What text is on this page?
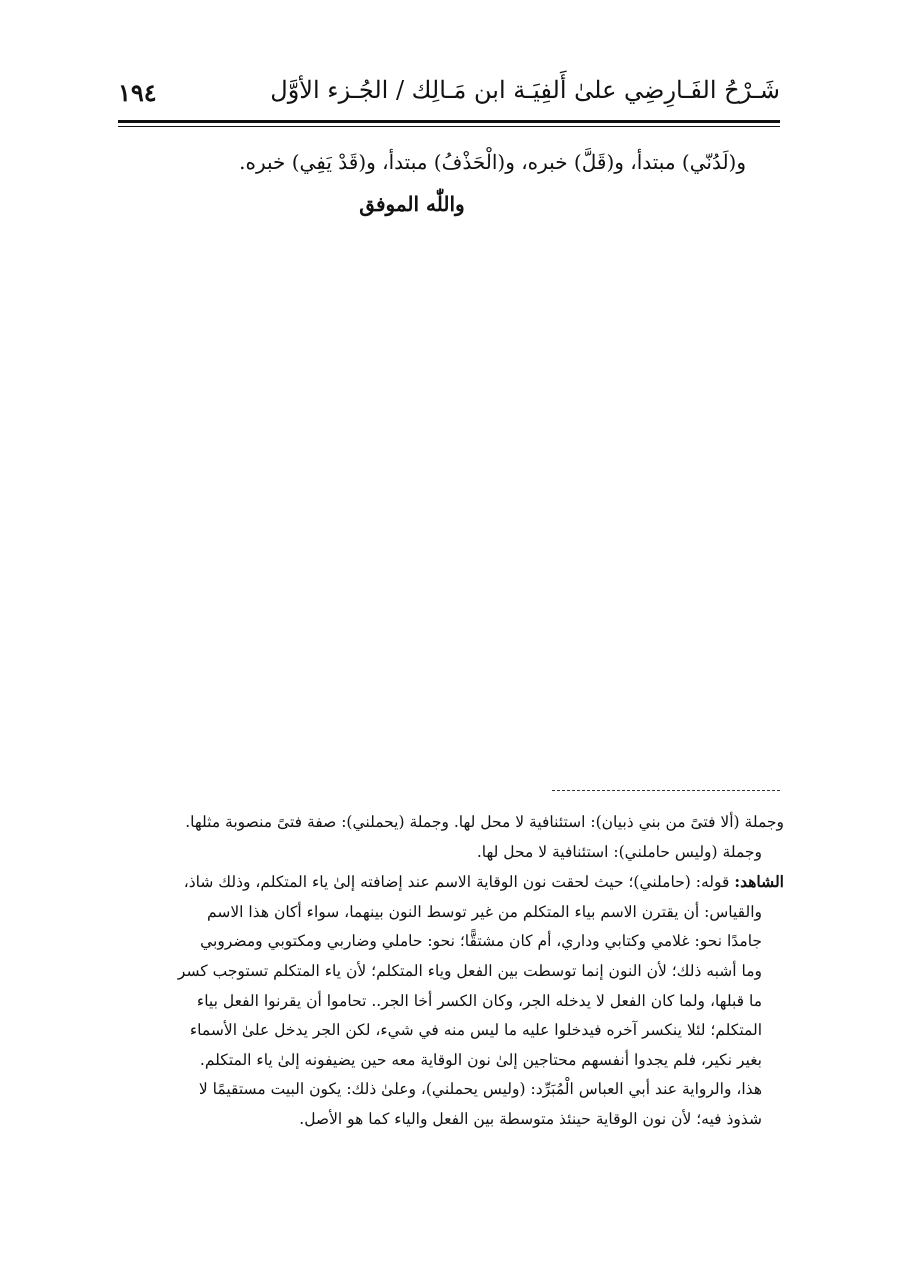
شَـرْحُ الفَـارِضِي علىٰ أَلفِيَـة ابن مَـالِك / الجُـزء الأوَّل
١٩٤

و(لَدُنّي) مبتدأ، و(قَلَّ) خبره، و(الْحَذْفُ) مبتدأ، و(قَدْ يَفِي) خبره.

واللّٰه الموفق

وجملة (ألا فتىً من بني ذبيان): استئنافية لا محل لها. وجملة (يحملني): صفة فتىً منصوبة مثلها.

وجملة (وليس حاملني): استئنافية لا محل لها.

الشاهد: قوله: (حاملني)؛ حيث لحقت نون الوقاية الاسم عند إضافته إلىٰ ياء المتكلم، وذلك شاذ،

والقياس: أن يقترن الاسم بياء المتكلم من غير توسط النون بينهما، سواء أكان هذا الاسم

جامدًا نحو: غلامي وكتابي وداري، أم كان مشتقًّا؛ نحو: حاملي وضاربي ومكتوبي ومضروبي

وما أشبه ذلك؛ لأن النون إنما توسطت بين الفعل وياء المتكلم؛ لأن ياء المتكلم تستوجب كسر

ما قبلها، ولما كان الفعل لا يدخله الجر، وكان الكسر أخا الجر.. تحاموا أن يقرنوا الفعل بياء

المتكلم؛ لئلا ينكسر آخره فيدخلوا عليه ما ليس منه في شيء، لكن الجر يدخل علىٰ الأسماء

بغير نكير، فلم يجدوا أنفسهم محتاجين إلىٰ نون الوقاية معه حين يضيفونه إلىٰ ياء المتكلم.

هذا، والرواية عند أبي العباس الْمُبَرِّد: (وليس يحملني)، وعلىٰ ذلك: يكون البيت مستقيمًا لا

شذوذ فيه؛ لأن نون الوقاية حينئذ متوسطة بين الفعل والياء كما هو الأصل.
